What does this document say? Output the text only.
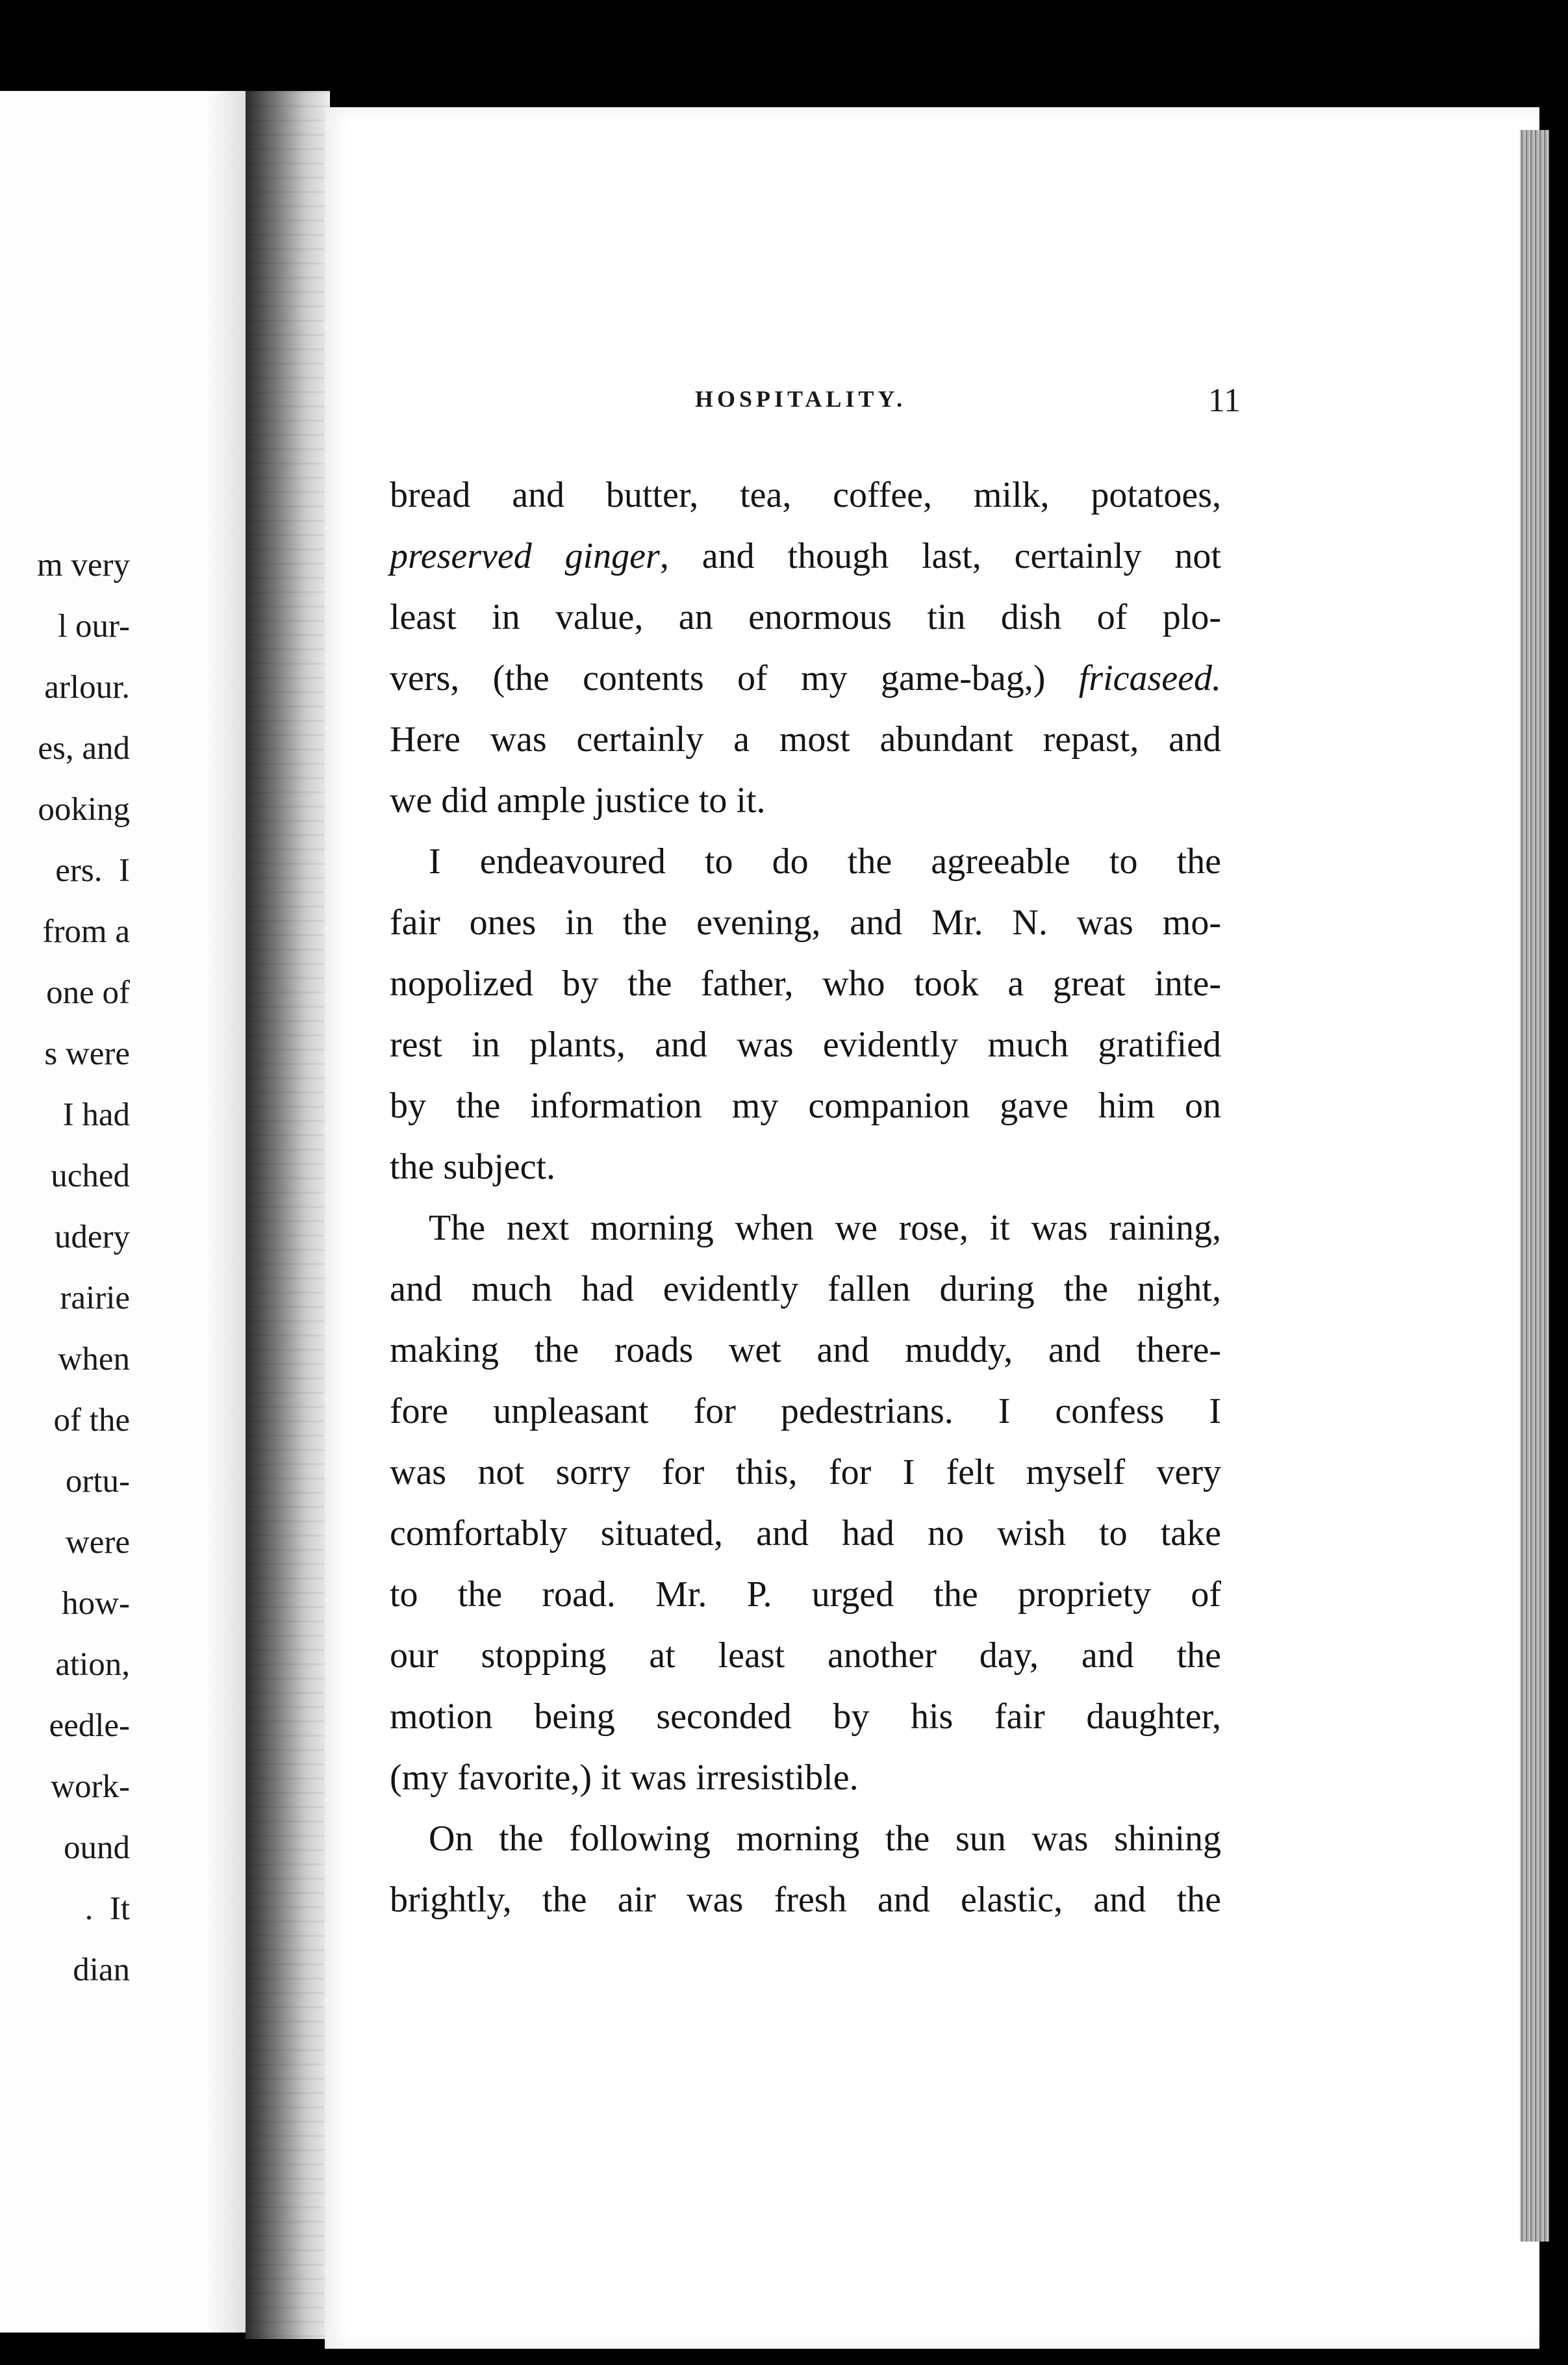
m very
l our-
arlour.
es, and
ooking
ers.  I
from a
one of
s were
I had
uched
udery
rairie
when
of the
ortu-
were
how-
ation,
eedle-
work-
ound
.  It
dian
HOSPITALITY.	11
bread and butter, tea, coffee, milk, potatoes,
preserved ginger, and though last, certainly not
least in value, an enormous tin dish of plo-
vers, (the contents of my game-bag,) fricaseed.
Here was certainly a most abundant repast, and
we did ample justice to it.
I endeavoured to do the agreeable to the
fair ones in the evening, and Mr. N. was mo-
nopolized by the father, who took a great inte-
rest in plants, and was evidently much gratified
by the information my companion gave him on
the subject.
The next morning when we rose, it was raining,
and much had evidently fallen during the night,
making the roads wet and muddy, and there-
fore unpleasant for pedestrians. I confess I
was not sorry for this, for I felt myself very
comfortably situated, and had no wish to take
to the road. Mr. P. urged the propriety of
our stopping at least another day, and the
motion being seconded by his fair daughter,
(my favorite,) it was irresistible.
On the following morning the sun was shining
brightly, the air was fresh and elastic, and the
